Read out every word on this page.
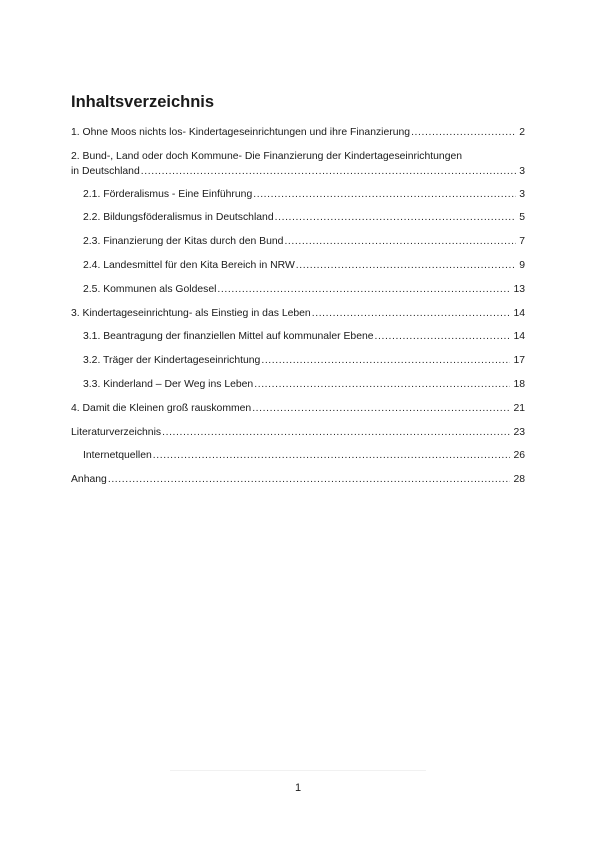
Inhaltsverzeichnis
1. Ohne Moos nichts los- Kindertageseinrichtungen und ihre Finanzierung .....	2
2. Bund-, Land oder doch Kommune- Die Finanzierung der Kindertageseinrichtungen
in Deutschland .....	3
2.1. Förderalismus - Eine Einführung .....	3
2.2. Bildungsföderalismus in Deutschland .....	5
2.3. Finanzierung der Kitas durch den Bund .....	7
2.4. Landesmittel für den Kita Bereich in NRW .....	9
2.5. Kommunen als Goldesel .....	13
3. Kindertageseinrichtung- als Einstieg in das Leben .....	14
3.1. Beantragung der finanziellen Mittel auf kommunaler Ebene .....	14
3.2. Träger der Kindertageseinrichtung .....	17
3.3. Kinderland – Der Weg ins Leben .....	18
4. Damit die Kleinen groß rauskommen .....	21
Literaturverzeichnis .....	23
Internetquellen .....	26
Anhang .....	28
1
